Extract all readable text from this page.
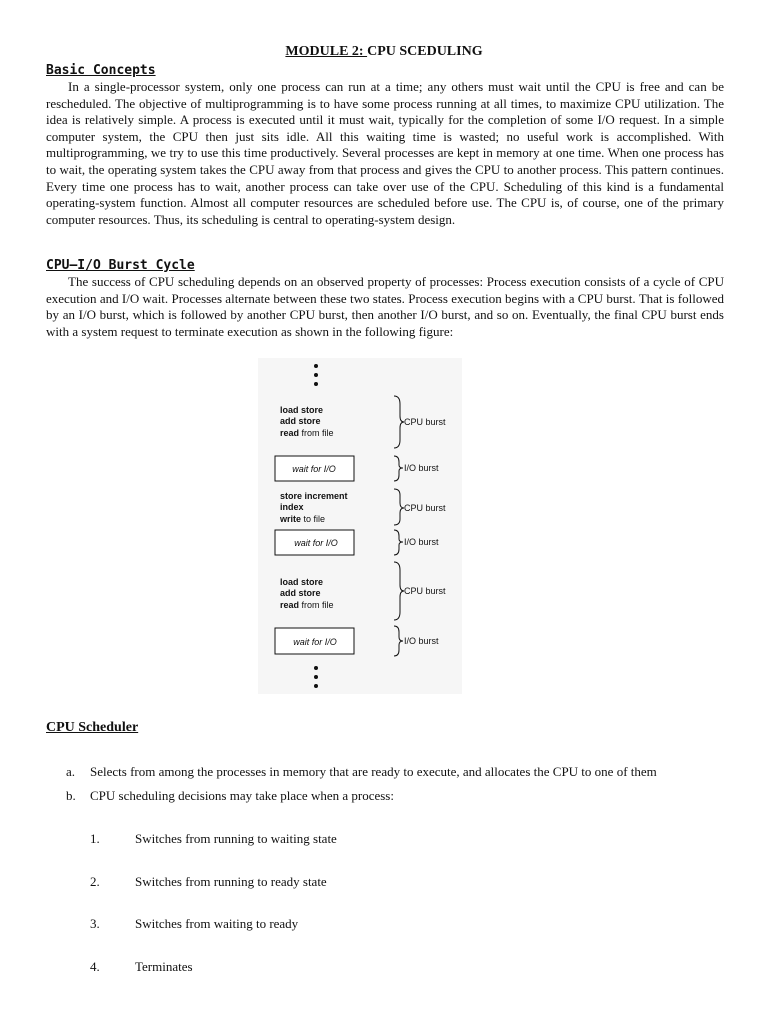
MODULE 2: CPU SCEDULING
Basic Concepts

In a single-processor system, only one process can run at a time; any others must wait until the CPU is free and can be rescheduled. The objective of multiprogramming is to have some process running at all times, to maximize CPU utilization. The idea is relatively simple. A process is executed until it must wait, typically for the completion of some I/O request. In a simple computer system, the CPU then just sits idle. All this waiting time is wasted; no useful work is accomplished. With multiprogramming, we try to use this time productively. Several processes are kept in memory at one time. When one process has to wait, the operating system takes the CPU away from that process and gives the CPU to another process. This pattern continues. Every time one process has to wait, another process can take over use of the CPU. Scheduling of this kind is a fundamental operating-system function. Almost all computer resources are scheduled before use. The CPU is, of course, one of the primary computer resources. Thus, its scheduling is central to operating-system design.

CPU–I/O Burst Cycle

The success of CPU scheduling depends on an observed property of processes: Process execution consists of a cycle of CPU execution and I/O wait. Processes alternate between these two states. Process execution begins with a CPU burst. That is followed by an I/O burst, which is followed by another CPU burst, then another I/O burst, and so on. Eventually, the final CPU burst ends with a system request to terminate execution as shown in the following figure:

load store
add store
read from file
wait for I/O
store increment
index
write to file
wait for I/O
load store
add store
read from file
wait for I/O
CPU burst
I/O burst
CPU burst
I/O burst
CPU burst
I/O burst
CPU Scheduler
a. Selects from among the processes in memory that are ready to execute, and allocates the CPU to one of them
b. CPU scheduling decisions may take place when a process:
1.	Switches from running to waiting state
2.	Switches from running to ready state
3.	Switches from waiting to ready
4.	Terminates
